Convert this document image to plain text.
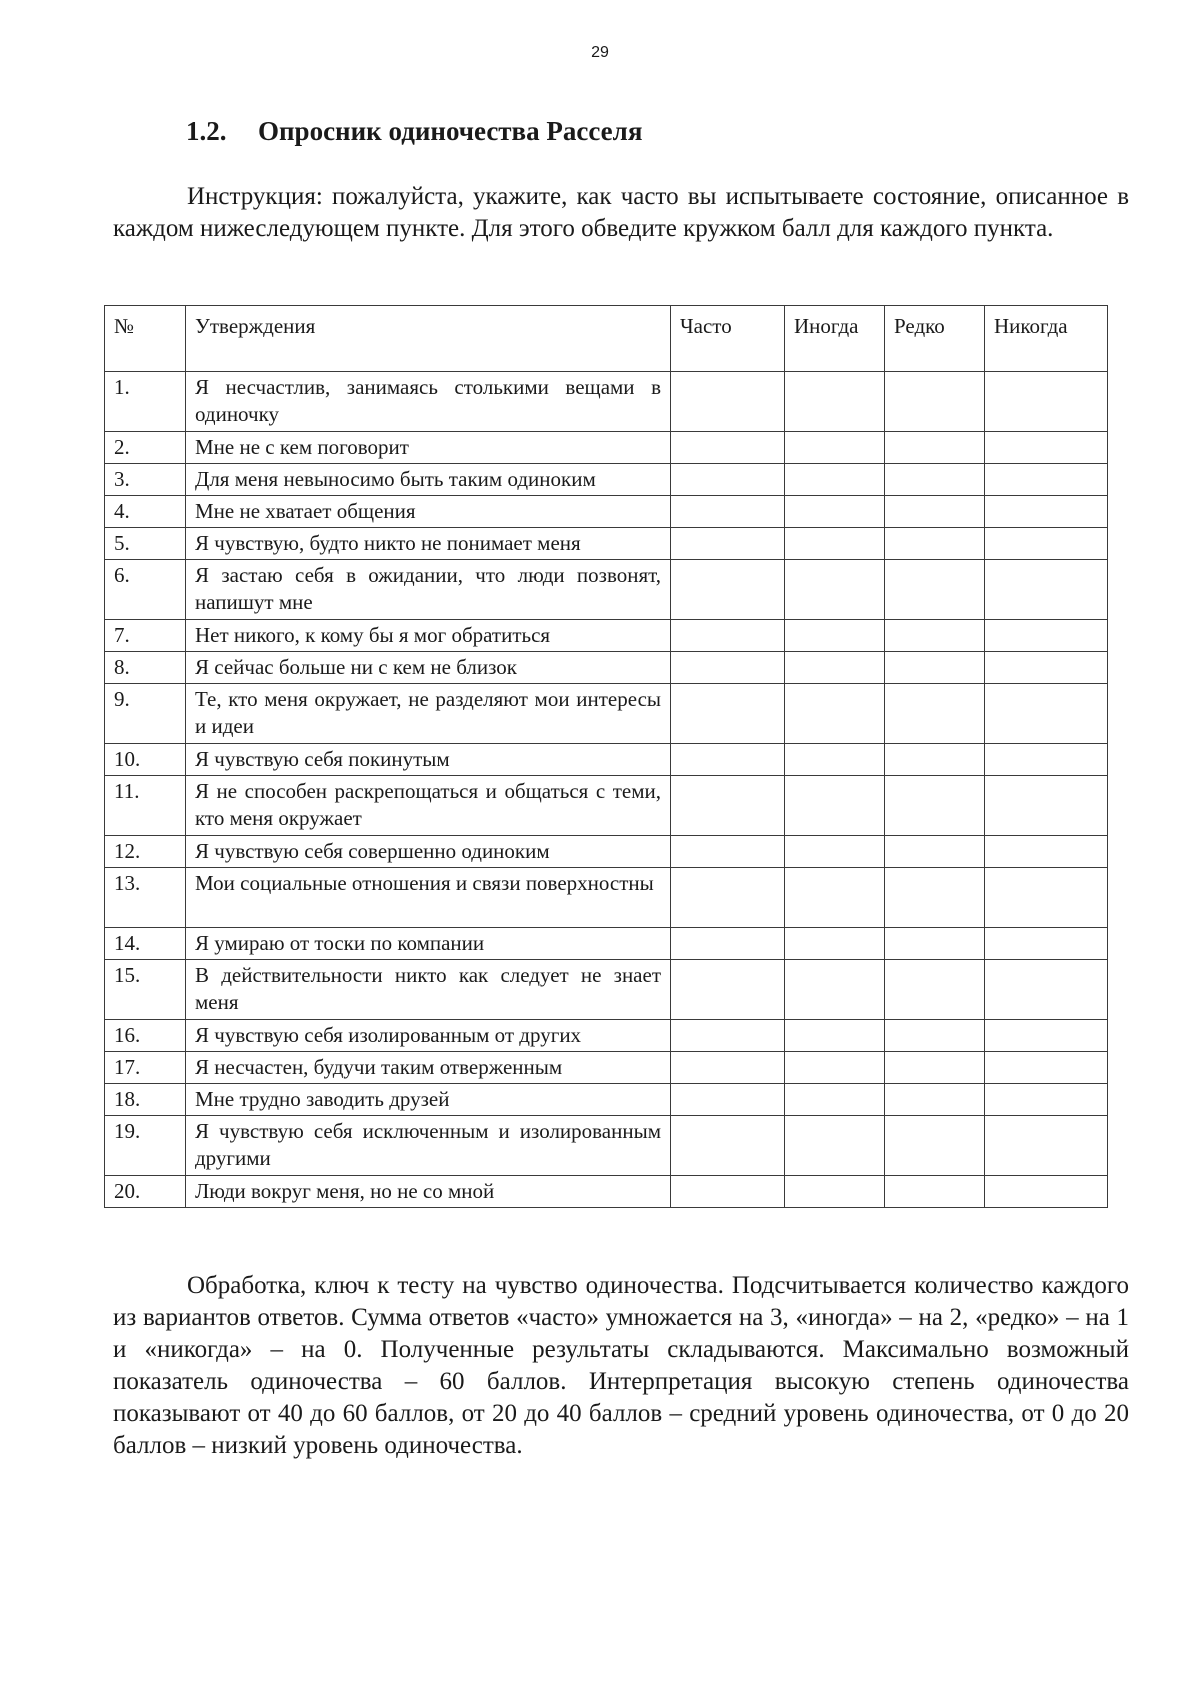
29
1.2. Опросник одиночества Расселя

Инструкция: пожалуйста, укажите, как часто вы испытываете состояние, описанное в каждом нижеследующем пункте. Для этого обведите кружком балл для каждого пункта.

№	Утверждения	Часто	Иногда	Редко	Никогда
1.	Я несчастлив, занимаясь столькими вещами в одиночку				
2.	Мне не с кем поговорит				
3.	Для меня невыносимо быть таким одиноким				
4.	Мне не хватает общения				
5.	Я чувствую, будто никто не понимает меня				
6.	Я застаю себя в ожидании, что люди позвонят, напишут мне				
7.	Нет никого, к кому бы я мог обратиться				
8.	Я сейчас больше ни с кем не близок				
9.	Те, кто меня окружает, не разделяют мои интересы и идеи				
10.	Я чувствую себя покинутым				
11.	Я не способен раскрепощаться и общаться с теми, кто меня окружает				
12.	Я чувствую себя совершенно одиноким				
13.	Мои социальные отношения и связи поверхностны				
14.	Я умираю от тоски по компании				
15.	В действительности никто как следует не знает меня				
16.	Я чувствую себя изолированным от других				
17.	Я несчастен, будучи таким отверженным				
18.	Мне трудно заводить друзей				
19.	Я чувствую себя исключенным и изолированным другими				
20.	Люди вокруг меня, но не со мной				

Обработка, ключ к тесту на чувство одиночества. Подсчитывается количество каждого из вариантов ответов. Сумма ответов «часто» умножается на 3, «иногда» – на 2, «редко» – на 1 и «никогда» – на 0. Полученные результаты складываются. Максимально возможный показатель одиночества – 60 баллов. Интерпретация высокую степень одиночества показывают от 40 до 60 баллов, от 20 до 40 баллов – средний уровень одиночества, от 0 до 20 баллов – низкий уровень одиночества.
